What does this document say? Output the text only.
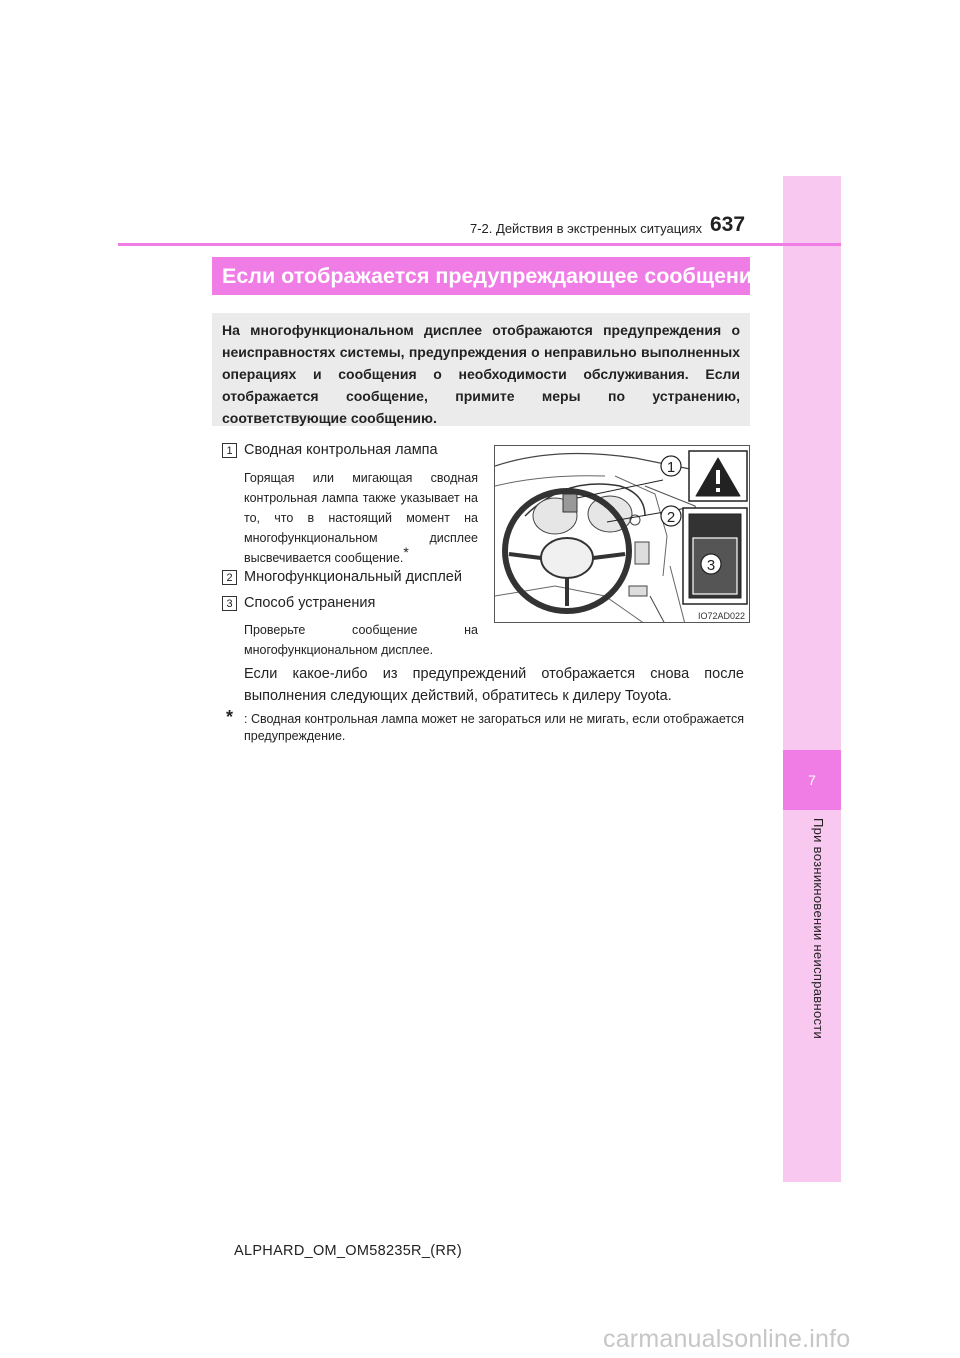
7
При возникновении неисправности
7-2. Действия в экстренных ситуациях 637
Если отображается предупреждающее сообщение
На многофункциональном дисплее отображаются предупреждения о неисправностях системы, предупреждения о неправильно выполненных операциях и сообщения о необходимости обслуживания. Если отображается сообщение, примите меры по устранению, соответствующие сообщению.
1 Сводная контрольная лампа
Горящая или мигающая сводная контрольная лампа также указывает на то, что в настоящий момент на многофункциональном дисплее высвечивается сообщение.*
2 Многофункциональный дисплей
3 Способ устранения
Проверьте сообщение на многофункциональном дисплее.
1
2
3
IO72AD022
Если какое-либо из предупреждений отображается снова после выполнения следующих действий, обратитесь к дилеру Toyota.
* : Сводная контрольная лампа может не загораться или не мигать, если отображается предупреждение.
ALPHARD_OM_OM58235R_(RR)
carmanualsonline.info
